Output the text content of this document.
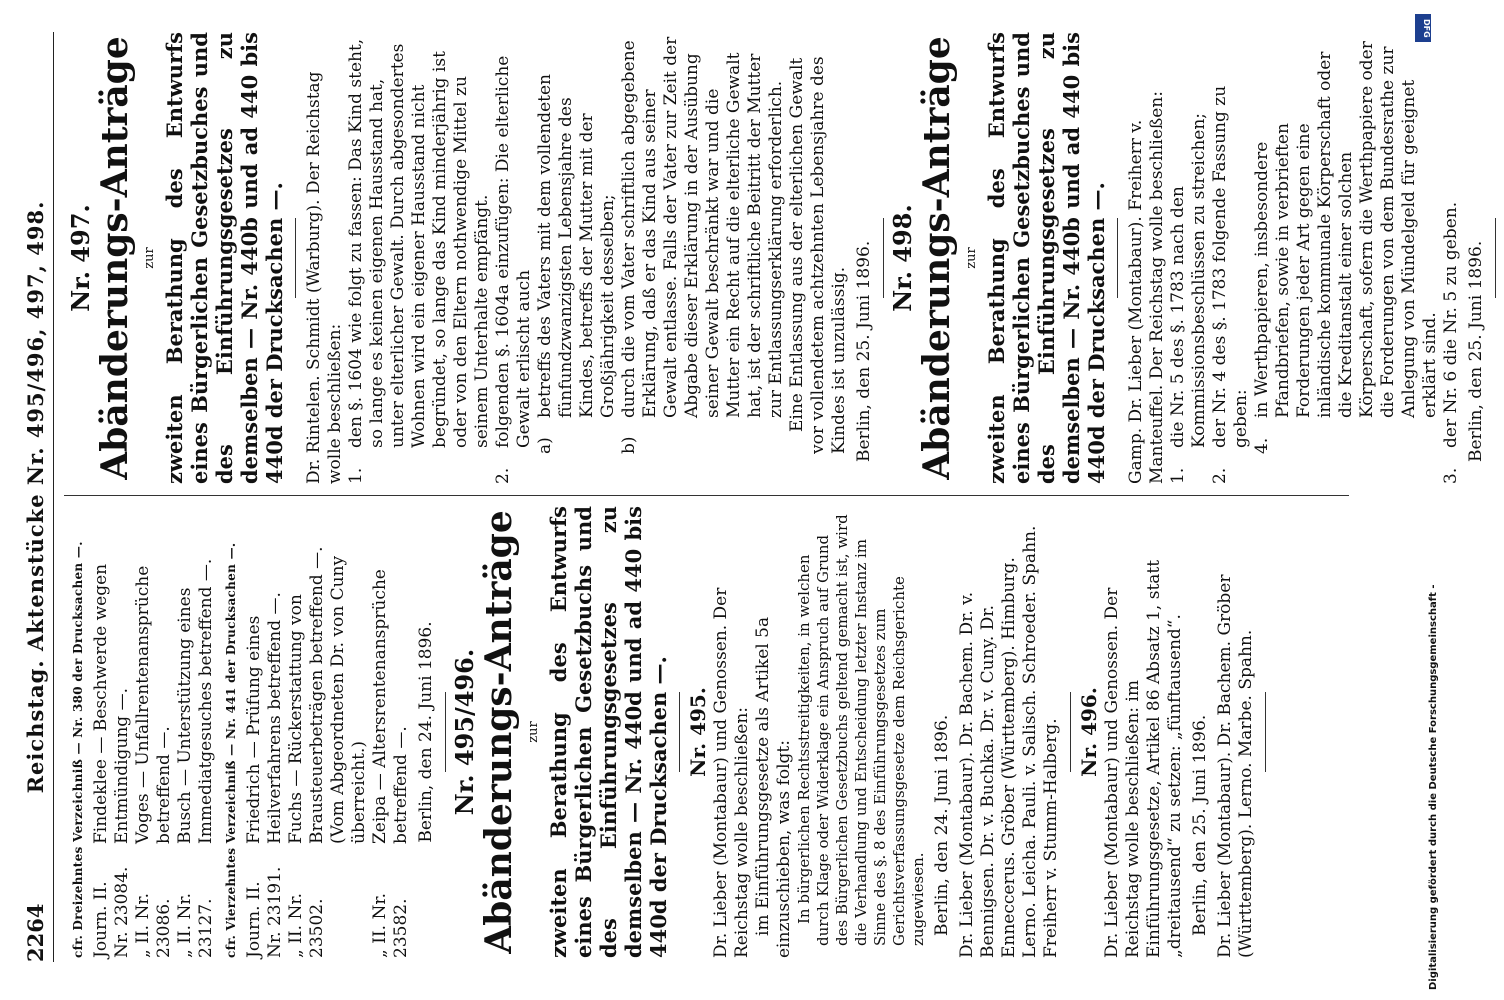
2264
Reichstag. Aktenstücke Nr. 495/496, 497, 498. cfr. Dreizehntes Verzeichniß — Nr. 380 der Drucksachen —. Journ. II. Nr. 23084.
Findeklee — Beschwerde wegen Entmündigung —.
„ II. Nr. 23086.
Voges — Unfallrentenansprüche betreffend —.
„ II. Nr. 23127.
Busch — Unterstützung eines Immediatgesuches betreffend —. cfr. Vierzehntes Verzeichniß — Nr. 441 der Drucksachen —. Journ. II. Nr. 23191.
Friedrich — Prüfung eines Heilverfahrens betreffend —.
„ II. Nr. 23502.
Fuchs — Rückerstattung von Brausteuerbeträgen betreffend —. (Vom Abgeordneten Dr. von Cuny überreicht.)
„ II. Nr. 23582.
Zeipa — Altersrentenansprüche betreffend —. Berlin, den 24. Juni 1896. Nr. 495/496. Abänderungs-Anträge zur zweiten Berathung des Entwurfs eines Bürgerlichen Gesetzbuchs und des Einführungsgesetzes zu demselben — Nr. 440d und ad 440 bis 440d der Drucksachen —. Nr. 495. Dr. Lieber (Montabaur) und Genossen. Der Reichstag wolle beschließen: im Einführungsgesetze als Artikel 5a einzuschieben, was folgt: In bürgerlichen Rechtsstreitigkeiten, in welchen durch Klage oder Widerklage ein Anspruch auf Grund des Bürgerlichen Gesetzbuchs geltend gemacht ist, wird die Verhandlung und Entscheidung letzter Instanz im Sinne des §. 8 des Einführungsgesetzes zum Gerichtsverfassungsgesetze dem Reichsgerichte zugewiesen. Berlin, den 24. Juni 1896. Dr. Lieber (Montabaur). Dr. Bachem. Dr. v. Bennigsen. Dr. v. Buchka. Dr. v. Cuny. Dr. Enneccerus. Gröber (Württemberg). Himburg. Lerno. Leicha. Pauli. v. Salisch. Schroeder. Spahn. Freiherr v. Stumm-Halberg. Nr. 496. Dr. Lieber (Montabaur) und Genossen. Der Reichstag wolle beschließen: im Einführungsgesetze, Artikel 86 Absatz 1, statt „dreitausend“ zu setzen: „fünftausend“. Berlin, den 25. Juni 1896. Dr. Lieber (Montabaur). Dr. Bachem. Gröber (Württemberg). Lerno. Marbe. Spahn.
Nr. 497. Abänderungs-Anträge zur zweiten Berathung des Entwurfs eines Bürgerlichen Gesetzbuches und des Einführungsgesetzes zu demselben — Nr. 440b und ad 440 bis 440d der Drucksachen —. Dr. Rintelen. Schmidt (Warburg). Der Reichstag wolle beschließen: 1.
den §. 1604 wie folgt zu fassen: Das Kind steht, so lange es keinen eigenen Hausstand hat, unter elterlicher Gewalt. Durch abgesondertes Wohnen wird ein eigener Hausstand nicht begründet, so lange das Kind minderjährig ist oder von den Eltern nothwendige Mittel zu seinem Unterhalte empfängt.
2.
folgenden §. 1604a einzufügen: Die elterliche Gewalt erlischt auch a)
betreffs des Vaters mit dem vollendeten fünfundzwanzigsten Lebensjahre des Kindes, betreffs der Mutter mit der Großjährigkeit desselben;
b)
durch die vom Vater schriftlich abgegebene Erklärung, daß er das Kind aus seiner Gewalt entlasse. Falls der Vater zur Zeit der Abgabe dieser Erklärung in der Ausübung seiner Gewalt beschränkt war und die Mutter ein Recht auf die elterliche Gewalt hat, ist der schriftliche Beitritt der Mutter zur Entlassungserklärung erforderlich. Eine Entlassung aus der elterlichen Gewalt vor vollendetem achtzehnten Lebensjahre des Kindes ist unzulässig. Berlin, den 25. Juni 1896. Nr. 498. Abänderungs-Anträge zur zweiten Berathung des Entwurfs eines Bürgerlichen Gesetzbuches und des Einführungsgesetzes zu demselben — Nr. 440b und ad 440 bis 440d der Drucksachen —. Gamp. Dr. Lieber (Montabaur). Freiherr v. Manteuffel. Der Reichstag wolle beschließen: 1.
die Nr. 5 des §. 1783 nach den Kommissionsbeschlüssen zu streichen;
2.
der Nr. 4 des §. 1783 folgende Fassung zu geben: 4.
in Werthpapieren, insbesondere Pfandbriefen, sowie in verbrieften Forderungen jeder Art gegen eine inländische kommunale Körperschaft oder die Kreditanstalt einer solchen Körperschaft, sofern die Werthpapiere oder die Forderungen von dem Bundesrathe zur Anlegung von Mündelgeld für geeignet erklärt sind.
3.
der Nr. 6 die Nr. 5 zu geben. Berlin, den 25. Juni 1896.
DFG
Digitalisierung gefördert durch die Deutsche Forschungsgemeinschaft -
